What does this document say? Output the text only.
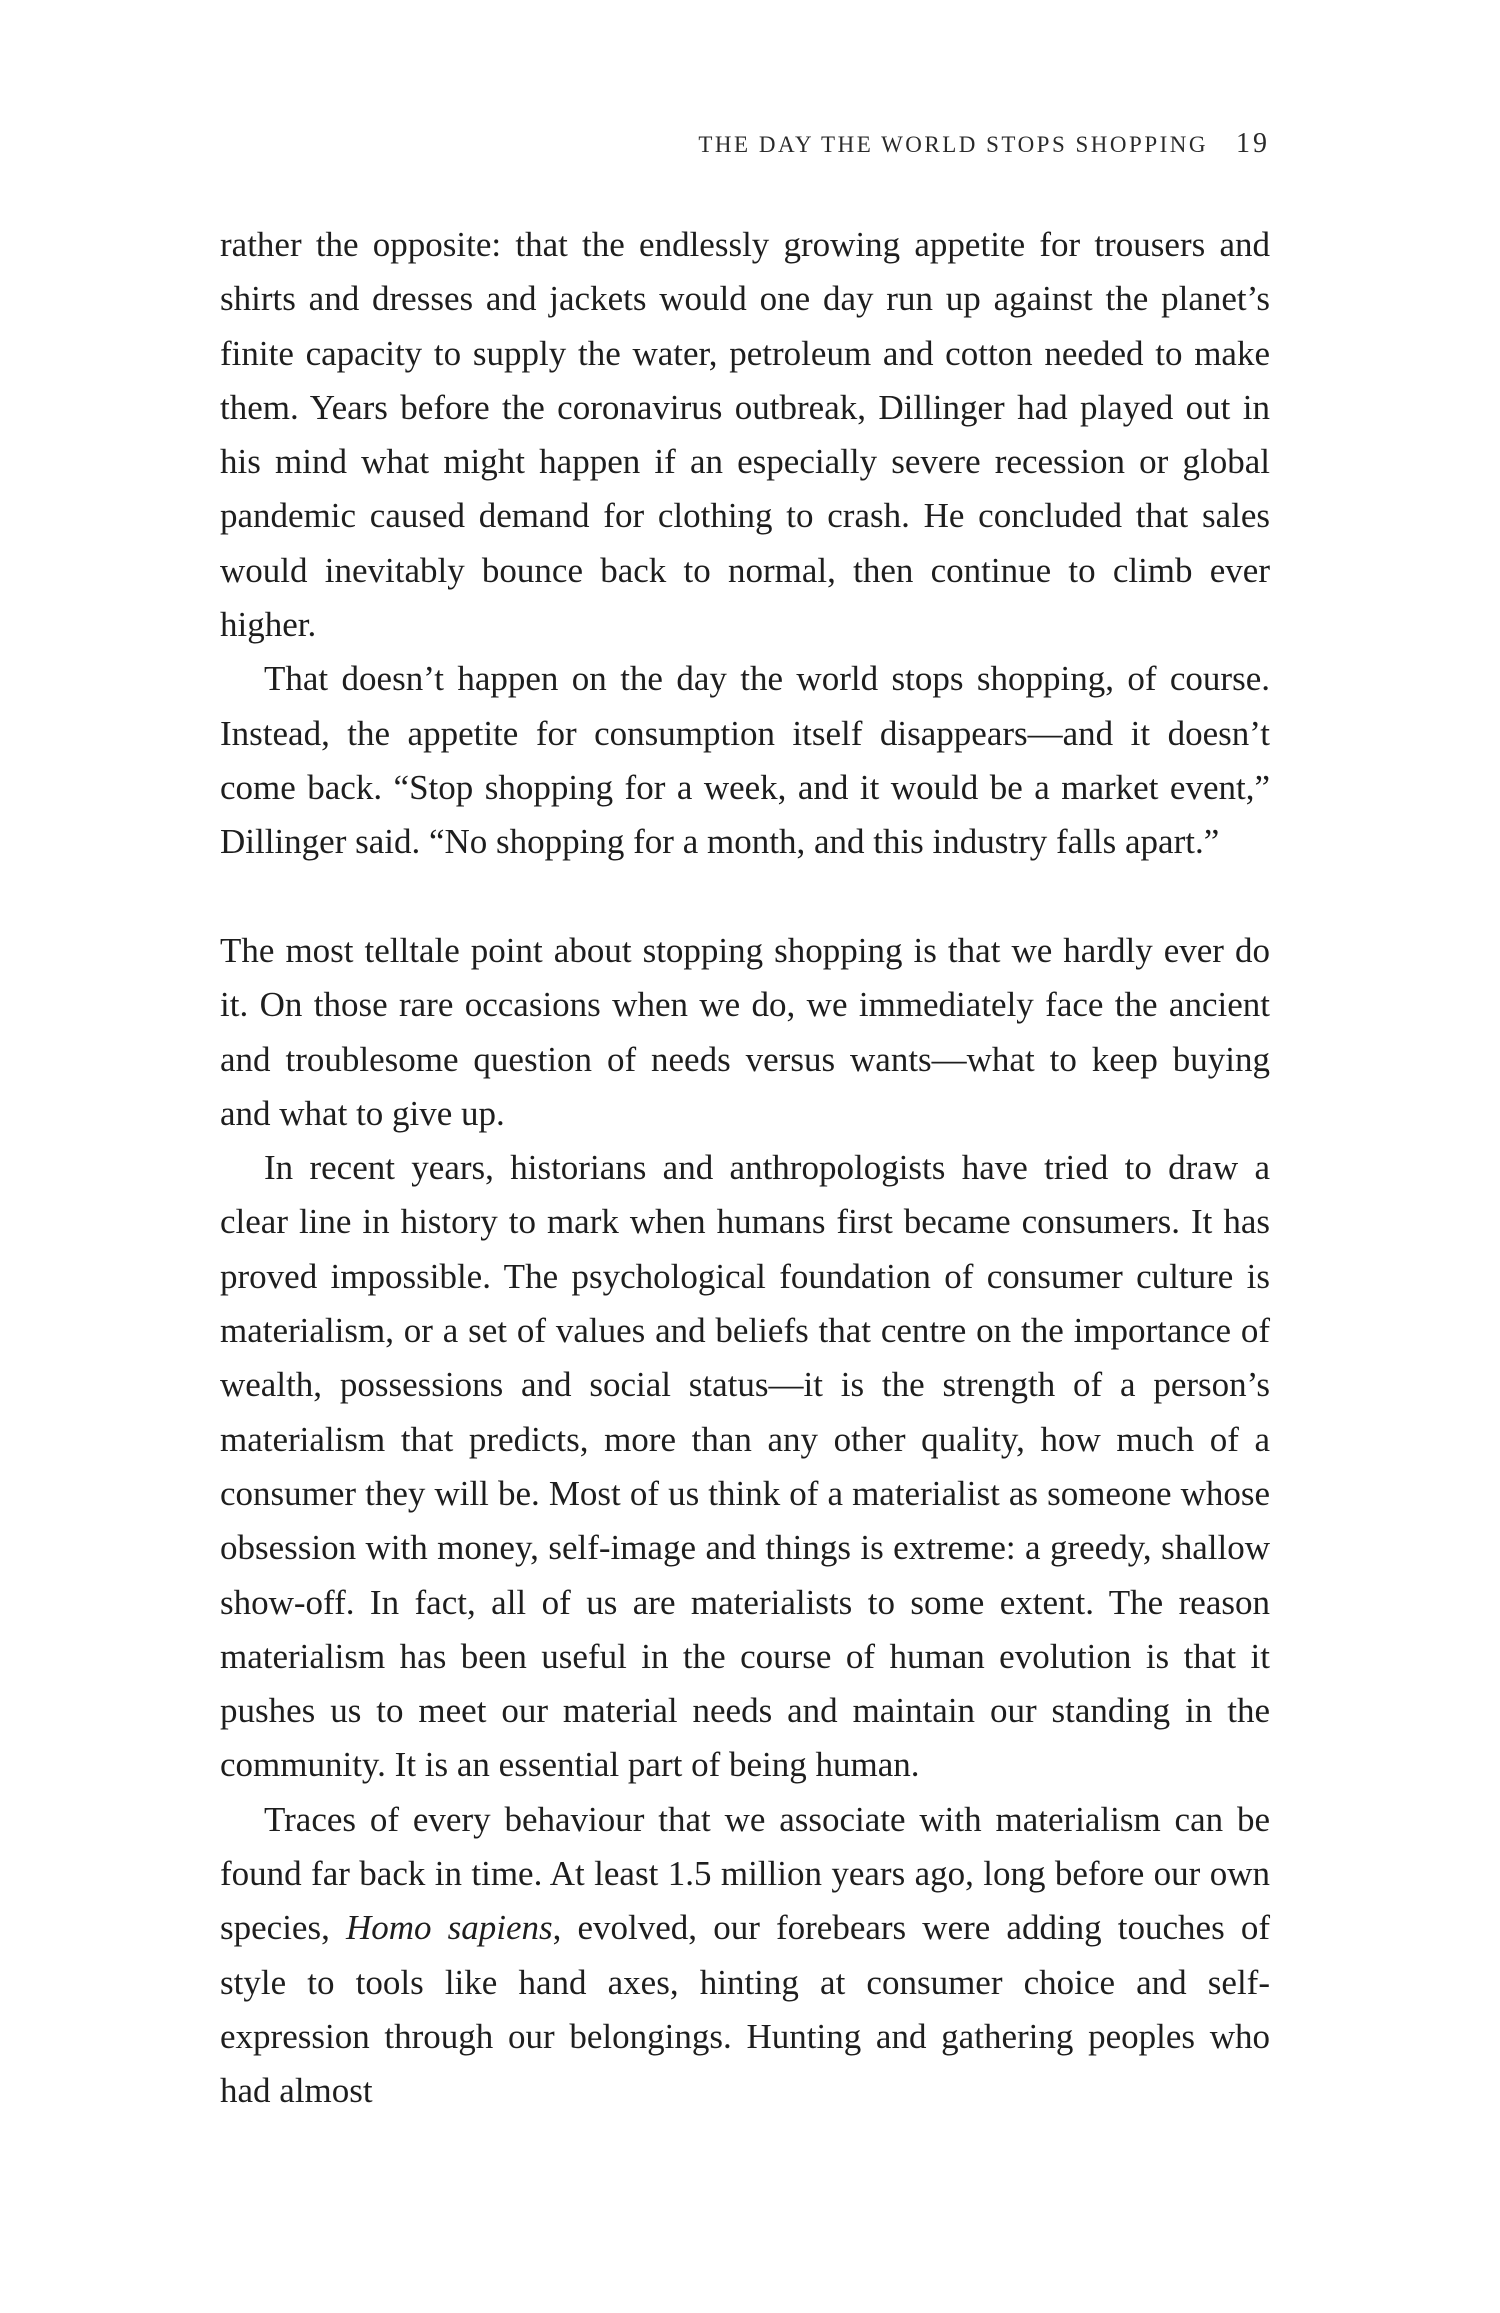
THE DAY THE WORLD STOPS SHOPPING 19

rather the opposite: that the endlessly growing appetite for trousers and shirts and dresses and jackets would one day run up against the planet’s finite capacity to supply the water, petroleum and cotton needed to make them. Years before the coronavirus outbreak, Dillinger had played out in his mind what might happen if an especially severe recession or global pandemic caused demand for clothing to crash. He concluded that sales would inevitably bounce back to normal, then continue to climb ever higher.

That doesn’t happen on the day the world stops shopping, of course. Instead, the appetite for consumption itself disappears—and it doesn’t come back. “Stop shopping for a week, and it would be a market event,” Dillinger said. “No shopping for a month, and this industry falls apart.”

The most telltale point about stopping shopping is that we hardly ever do it. On those rare occasions when we do, we immediately face the ancient and troublesome question of needs versus wants—what to keep buying and what to give up.

In recent years, historians and anthropologists have tried to draw a clear line in history to mark when humans first became consumers. It has proved impossible. The psychological foundation of consumer culture is materialism, or a set of values and beliefs that centre on the importance of wealth, possessions and social status—it is the strength of a person’s materialism that predicts, more than any other quality, how much of a consumer they will be. Most of us think of a materialist as someone whose obsession with money, self-image and things is extreme: a greedy, shallow show-off. In fact, all of us are materialists to some extent. The reason materialism has been useful in the course of human evolution is that it pushes us to meet our material needs and maintain our standing in the community. It is an essential part of being human.

Traces of every behaviour that we associate with materialism can be found far back in time. At least 1.5 million years ago, long before our own species, Homo sapiens, evolved, our forebears were adding touches of style to tools like hand axes, hinting at consumer choice and self-expression through our belongings. Hunting and gathering peoples who had almost
